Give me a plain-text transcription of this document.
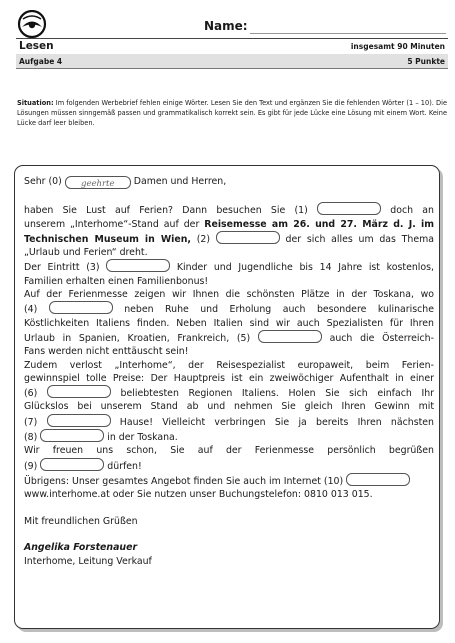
Name:
Lesen	insgesamt 90 Minuten
Aufgabe 4	5 Punkte
Situation: Im folgenden Werbebrief fehlen einige Wörter. Lesen Sie den Text und ergänzen Sie die fehlenden Wörter (1 – 10). Die Lösungen müssen sinngemäß passen und grammatikalisch korrekt sein. Es gibt für jede Lücke eine Lösung mit einem Wort. Keine Lücke darf leer bleiben.

Sehr (0) geehrte Damen und Herren,

haben Sie Lust auf Ferien? Dann besuchen Sie (1)	doch an

unserem „Interhome“-Stand auf der Reisemesse am 26. und 27. März d. J. im

Technischen Museum in Wien, (2)	der sich alles um das Thema

„Urlaub und Ferien“ dreht.

Der Eintritt (3)	Kinder und Jugendliche bis 14 Jahre ist kostenlos,

Familien erhalten einen Familienbonus!

Auf der Ferienmesse zeigen wir Ihnen die schönsten Plätze in der Toskana, wo

(4)	neben Ruhe und Erholung auch besondere kulinarische

Köstlichkeiten Italiens finden. Neben Italien sind wir auch Spezialisten für Ihren

Urlaub in Spanien, Kroatien, Frankreich, (5)	auch die Österreich-

Fans werden nicht enttäuscht sein!

Zudem verlost „Interhome“, der Reisespezialist europaweit, beim Ferien-

gewinnspiel tolle Preise: Der Hauptpreis ist ein zweiwöchiger Aufenthalt in einer

(6)	beliebtesten Regionen Italiens. Holen Sie sich einfach Ihr

Glückslos bei unserem Stand ab und nehmen Sie gleich Ihren Gewinn mit

(7)	Hause! Vielleicht verbringen Sie ja bereits Ihren nächsten

(8)	in der Toskana.

Wir freuen uns schon, Sie auf der Ferienmesse persönlich begrüßen

(9)	dürfen!

Übrigens: Unser gesamtes Angebot finden Sie auch im Internet (10)

www.interhome.at oder Sie nutzen unser Buchungstelefon: 0810 013 015.

Mit freundlichen Grüßen

Angelika Forstenauer

Interhome, Leitung Verkauf
